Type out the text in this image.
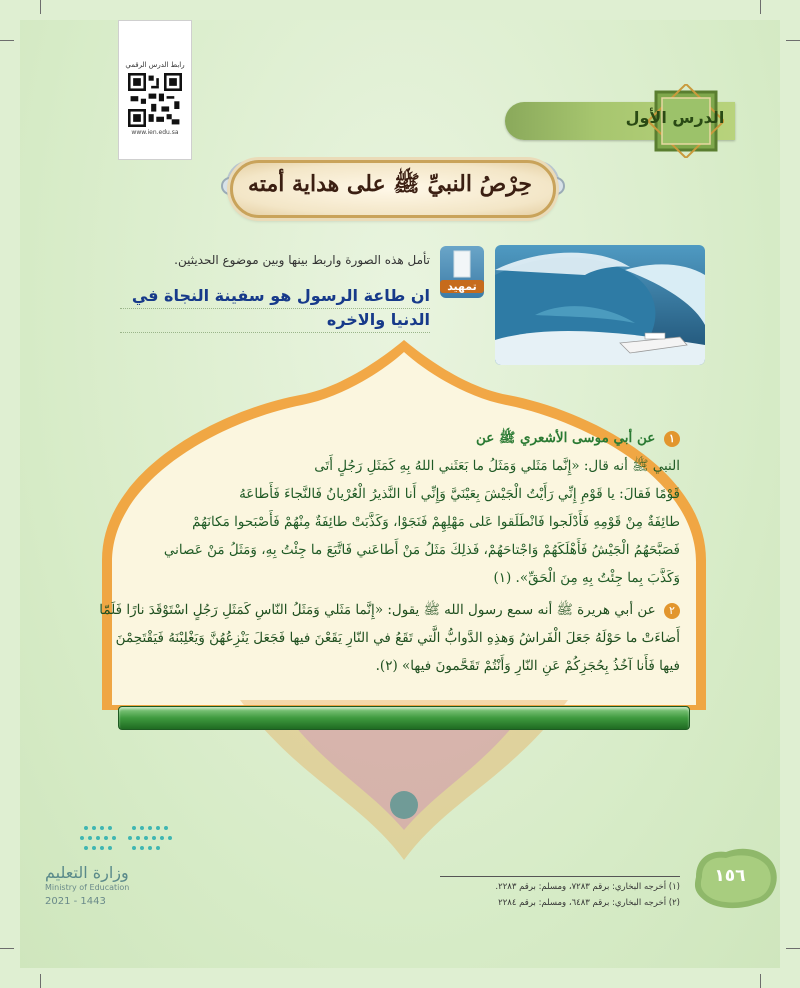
رابط الدرس الرقمي
www.ien.edu.sa
الدرس الأول
حِرْصُ النبيِّ ﷺ على هداية أمته
تمهيد
تأمل هذه الصورة واربط بينها وبين موضوع الحديثين.
ان طاعة الرسول هو سفينة النجاة في
الدنيا والاخره
١ عن أبي موسى الأشعري ﷺ عن
النبي ﷺ أنه قال: «إِنَّما مَثَلي وَمَثَلُ ما بَعَثَني اللهُ بِهِ كَمَثَلِ رَجُلٍ أَتَى
قَوْمًا فَقالَ: يا قَوْمِ إِنِّي رَأَيْتُ الْجَيْشَ بِعَيْنَيَّ وَإِنِّي أَنا النَّذيرُ الْعُرْيانُ فَالنَّجاءَ فَأَطاعَهُ
طائِفَةٌ مِنْ قَوْمِهِ فَأَدْلَجوا فَانْطَلَقوا عَلى مَهْلِهِمْ فَنَجَوْا، وَكَذَّبَتْ طائِفَةٌ مِنْهُمْ فَأَصْبَحوا مَكانَهُمْ
فَصَبَّحَهُمُ الْجَيْشُ فَأَهْلَكَهُمْ وَاجْتاحَهُمْ، فَذلِكَ مَثَلُ مَنْ أَطاعَني فَاتَّبَعَ ما جِئْتُ بِهِ، وَمَثَلُ مَنْ عَصاني
وَكَذَّبَ بِما جِئْتُ بِهِ مِنَ الْحَقِّ». (١)
٢ عن أبي هريرة ﷺ أنه سمع رسول الله ﷺ يقول: «إِنَّما مَثَلي وَمَثَلُ النّاسِ كَمَثَلِ رَجُلٍ اسْتَوْقَدَ نارًا فَلَمّا
أَضاءَتْ ما حَوْلَهُ جَعَلَ الْفَراشُ وَهذِهِ الدَّوابُّ الَّتي تَقَعُ في النّارِ يَقَعْنَ فيها فَجَعَلَ يَنْزِعُهُنَّ وَيَغْلِبْنَهُ فَيَقْتَحِمْنَ
فيها فَأَنا آخُذُ بِحُجَزِكُمْ عَنِ النّارِ وَأَنْتُمْ تَقَحَّمونَ فيها» (٢).
وزارة التعليم
Ministry of Education
2021 - 1443
(١) أخرجه البخاري: برقم ٧٢٨٣، ومسلم: برقم ٢٢٨٣.
(٢) أخرجه البخاري: برقم ٦٤٨٣، ومسلم: برقم ٢٢٨٤
١٥٦
